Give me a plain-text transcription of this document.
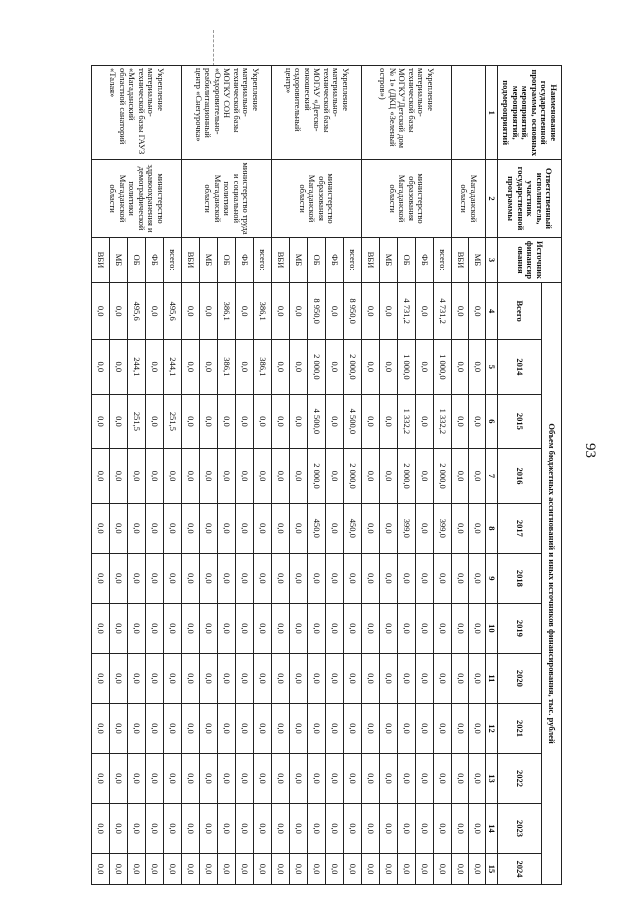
93
Наименование государственной программы, основных мероприятий, мероприятий, подмероприятий	Ответственный исполнитель, участник государственной программы	Источник финансирования	Объем бюджетных ассигнований и иных источников финансирования, тыс. рублей											
			Всего	2014	2015	2016	2017	2018	2019	2020	2021	2022	2023	2024
1	2	3	4	5	6	7	8	9	10	11	12	13	14	15
	Магаданской области	МБ	0,0	0,0	0,0	0,0	0,0	0,0	0,0	0,0	0,0	0,0	0,0	0,0
		ВБИ	0,0	0,0	0,0	0,0	0,0	0,0	0,0	0,0	0,0	0,0	0,0	0,0
Укрепление материально-технической базы МОГКУ"Детский дом № 1» (ДКЦ «Зеленый остров»)	министерство образования Магаданской области	всего:	4 731,2	1 000,0	1 332,2	2 000,0	399,0	0,0	0,0	0,0	0,0	0,0	0,0	0,0
		ФБ	0,0	0,0	0,0	0,0	0,0	0,0	0,0	0,0	0,0	0,0	0,0	0,0
		ОБ	4 731,2	1 000,0	1 332,2	2 000,0	399,0	0,0	0,0	0,0	0,0	0,0	0,0	0,0
		МБ	0,0	0,0	0,0	0,0	0,0	0,0	0,0	0,0	0,0	0,0	0,0	0,0
		ВБИ	0,0	0,0	0,0	0,0	0,0	0,0	0,0	0,0	0,0	0,0	0,0	0,0
Укрепление материально-технической базы МОГАУ «Детско-юношеский оздоровительный центр»	министерство образования Магаданской области	всего:	8 950,0	2 000,0	4 500,0	2 000,0	450,0	0,0	0,0	0,0	0,0	0,0	0,0	0,0
		ФБ	0,0	0,0	0,0	0,0	0,0	0,0	0,0	0,0	0,0	0,0	0,0	0,0
		ОБ	8 950,0	2 000,0	4 500,0	2 000,0	450,0	0,0	0,0	0,0	0,0	0,0	0,0	0,0
		МБ	0,0	0,0	0,0	0,0	0,0	0,0	0,0	0,0	0,0	0,0	0,0	0,0
		ВБИ	0,0	0,0	0,0	0,0	0,0	0,0	0,0	0,0	0,0	0,0	0,0	0,0
Укрепление материально-технической базы МОГКУ СОН «Оздоровительно-реабилитационный центр «Снегурочка»	министерство труда и социальной политики Магаданской области	всего:	386,1	386,1	0,0	0,0	0,0	0,0	0,0	0,0	0,0	0,0	0,0	0,0
		ФБ	0,0	0,0	0,0	0,0	0,0	0,0	0,0	0,0	0,0	0,0	0,0	0,0
		ОБ	386,1	386,1	0,0	0,0	0,0	0,0	0,0	0,0	0,0	0,0	0,0	0,0
		МБ	0,0	0,0	0,0	0,0	0,0	0,0	0,0	0,0	0,0	0,0	0,0	0,0
		ВБИ	0,0	0,0	0,0	0,0	0,0	0,0	0,0	0,0	0,0	0,0	0,0	0,0
Укрепление материально-технической базы ГАУЗ «Магаданский областной санаторий «Талая»	министерство здравоохранения и демографической политики Магаданской области	всего:	495,6	244,1	251,5	0,0	0,0	0,0	0,0	0,0	0,0	0,0	0,0	0,0
		ФБ	0,0	0,0	0,0	0,0	0,0	0,0	0,0	0,0	0,0	0,0	0,0	0,0
		ОБ	495,6	244,1	251,5	0,0	0,0	0,0	0,0	0,0	0,0	0,0	0,0	0,0
		МБ	0,0	0,0	0,0	0,0	0,0	0,0	0,0	0,0	0,0	0,0	0,0	0,0
		ВБИ	0,0	0,0	0,0	0,0	0,0	0,0	0,0	0,0	0,0	0,0	0,0	0,0
